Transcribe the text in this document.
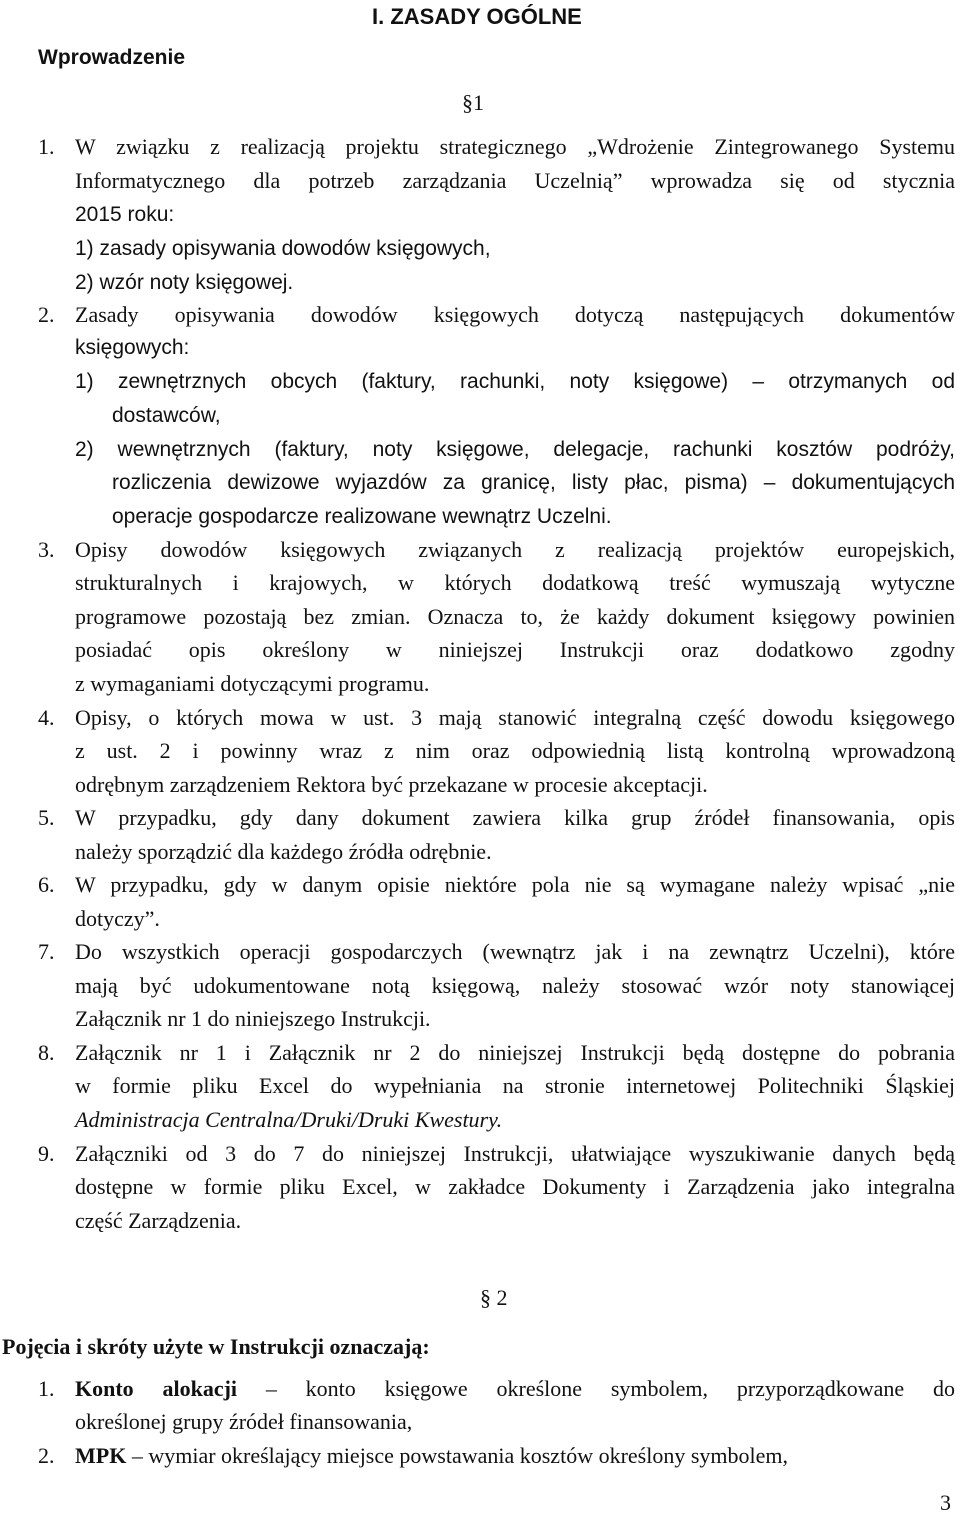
I. ZASADY OGÓLNE
Wprowadzenie
§1
1. W związku z realizacją projektu strategicznego „Wdrożenie Zintegrowanego Systemu
Informatycznego dla potrzeb zarządzania Uczelnią” wprowadza się od stycznia
2015 roku:
1) zasady opisywania dowodów księgowych,
2) wzór noty księgowej.
2. Zasady opisywania dowodów księgowych dotyczą następujących dokumentów
księgowych:
1) zewnętrznych obcych (faktury, rachunki, noty księgowe) – otrzymanych od
dostawców,
2) wewnętrznych (faktury, noty księgowe, delegacje, rachunki kosztów podróży,
rozliczenia dewizowe wyjazdów za granicę, listy płac, pisma) – dokumentujących
operacje gospodarcze realizowane wewnątrz Uczelni.
3. Opisy dowodów księgowych związanych z realizacją projektów europejskich,
strukturalnych i krajowych, w których dodatkową treść wymuszają wytyczne
programowe pozostają bez zmian. Oznacza to, że każdy dokument księgowy powinien
posiadać opis określony w niniejszej Instrukcji oraz dodatkowo zgodny
z wymaganiami dotyczącymi programu.
4. Opisy, o których mowa w ust. 3 mają stanowić integralną część dowodu księgowego
z ust. 2 i powinny wraz z nim oraz odpowiednią listą kontrolną wprowadzoną
odrębnym zarządzeniem Rektora być przekazane w procesie akceptacji.
5. W przypadku, gdy dany dokument zawiera kilka grup źródeł finansowania, opis
należy sporządzić dla każdego źródła odrębnie.
6. W przypadku, gdy w danym opisie niektóre pola nie są wymagane należy wpisać „nie
dotyczy”.
7. Do wszystkich operacji gospodarczych (wewnątrz jak i na zewnątrz Uczelni), które
mają być udokumentowane notą księgową, należy stosować wzór noty stanowiącej
Załącznik nr 1 do niniejszego Instrukcji.
8. Załącznik nr 1 i Załącznik nr 2 do niniejszej Instrukcji będą dostępne do pobrania
w formie pliku Excel do wypełniania na stronie internetowej Politechniki Śląskiej
Administracja Centralna/Druki/Druki Kwestury.
9. Załączniki od 3 do 7 do niniejszej Instrukcji, ułatwiające wyszukiwanie danych będą
dostępne w formie pliku Excel, w zakładce Dokumenty i Zarządzenia jako integralna
część Zarządzenia.
§ 2
Pojęcia i skróty użyte w Instrukcji oznaczają:
1. Konto alokacji – konto księgowe określone symbolem, przyporządkowane do
określonej grupy źródeł finansowania,
2. MPK – wymiar określający miejsce powstawania kosztów określony symbolem,
3
